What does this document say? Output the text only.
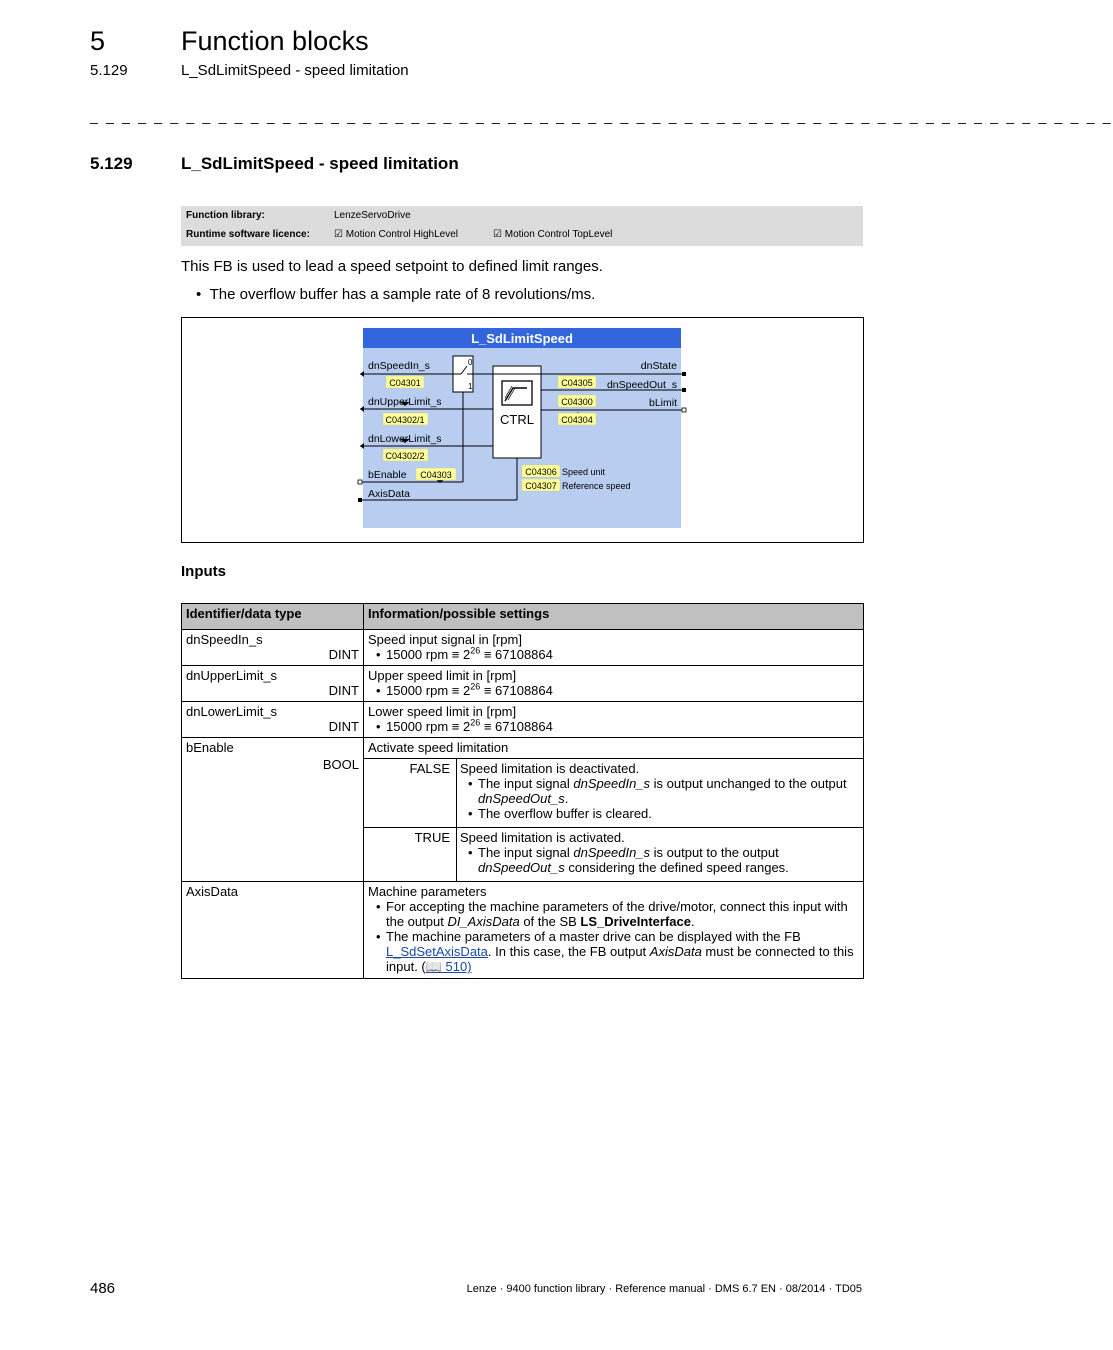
5	Function blocks
5.129	L_SdLimitSpeed - speed limitation
_ _ _ _ _ _ _ _ _ _ _ _ _ _ _ _ _ _ _ _ _ _ _ _ _ _ _ _ _ _ _ _ _ _ _ _ _ _ _ _ _ _ _ _ _ _ _ _ _ _ _ _ _ _ _ _ _ _ _ _ _ _ _ _
5.129	L_SdLimitSpeed - speed limitation
Function library:	LenzeServoDrive
Runtime software licence: ☑ Motion Control HighLevel	☑ Motion Control TopLevel
This FB is used to lead a speed setpoint to defined limit ranges.
•  The overflow buffer has a sample rate of 8 revolutions/ms.
L_SdLimitSpeed
0
1
CTRL
dnSpeedIn_s
dnUpperLimit_s
dnLowerLimit_s
bEnable
AxisData
C04301
C04302/1
C04302/2
C04303
dnState
dnSpeedOut_s
bLimit
C04305
C04300
C04304
C04306 Speed unit
C04307 Reference speed
Inputs
Identifier/data type	Information/possible settings

dnSpeedIn_s
DINT

Speed input signal in [rpm]
• 15000 rpm ≡ $2^{26} \equiv 67108864$

dnUpperLimit_s
DINT

Upper speed limit in [rpm]
• 15000 rpm ≡ $2^{26} \equiv 67108864$

dnLowerLimit_s
DINT

Lower speed limit in [rpm]
• 15000 rpm ≡ $2^{26} \equiv 67108864$

bEnable
BOOL

Activate speed limitation
FALSE	Speed limitation is deactivated.
• The input signal dnSpeedIn_s is output unchanged to the output dnSpeedOut_s.
• The overflow buffer is cleared.

TRUE	Speed limitation is activated.
• The input signal dnSpeedIn_s is output to the output dnSpeedOut_s considering the defined speed ranges.

AxisData	Machine parameters
• For accepting the machine parameters of the drive/motor, connect this input with the output DI_AxisData of the SB LS_DriveInterface.
• The machine parameters of a master drive can be displayed with the FB L_SdSetAxisData. In this case, the FB output AxisData must be connected to this input. (📖 510)
486	Lenze · 9400 function library · Reference manual · DMS 6.7 EN · 08/2014 · TD05
